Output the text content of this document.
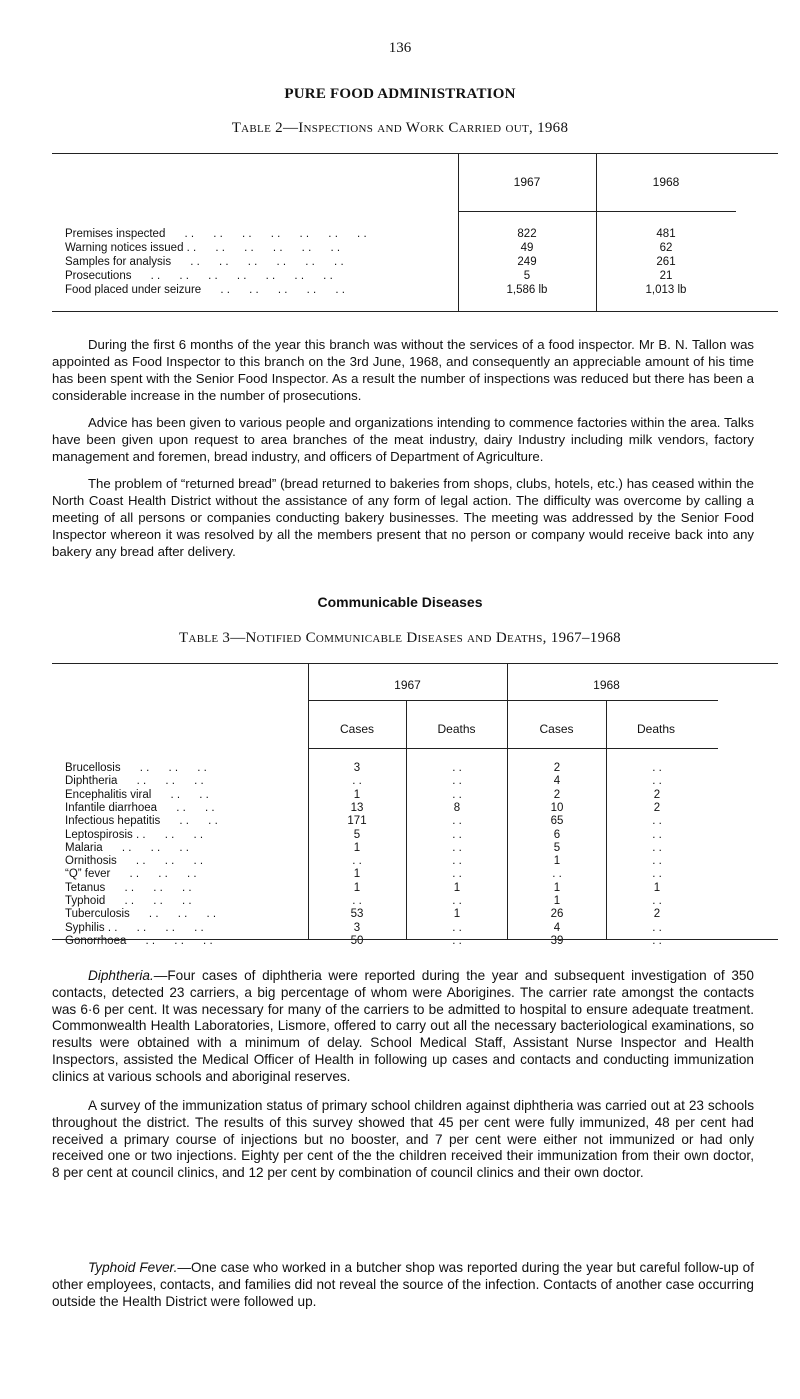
136
PURE FOOD ADMINISTRATION
Table 2—Inspections and Work Carried out, 1968
1967	1968
Premises inspected      . .      . .      . .      . .      . .      . .      . .	822	481
Warning notices issued . .      . .      . .      . .      . .      . .	49	62
Samples for analysis      . .      . .      . .      . .      . .      . .	249	261
Prosecutions      . .      . .      . .      . .      . .      . .      . .	5	21
Food placed under seizure      . .      . .      . .      . .      . .	1,586 lb	1,013 lb

During the first 6 months of the year this branch was without the services of a food inspector. Mr B. N. Tallon was appointed as Food Inspector to this branch on the 3rd June, 1968, and consequently an appreciable amount of his time has been spent with the Senior Food Inspector. As a result the number of inspections was reduced but there has been a considerable increase in the number of prosecutions.

Advice has been given to various people and organizations intending to commence factories within the area. Talks have been given upon request to area branches of the meat industry, dairy Industry including milk vendors, factory management and foremen, bread industry, and officers of Department of Agriculture.

The problem of “returned bread” (bread returned to bakeries from shops, clubs, hotels, etc.) has ceased within the North Coast Health District without the assistance of any form of legal action. The difficulty was overcome by calling a meeting of all persons or companies conducting bakery businesses. The meeting was addressed by the Senior Food Inspector whereon it was resolved by all the members present that no person or company would receive back into any bakery any bread after delivery.

Communicable Diseases
Table 3—Notified Communicable Diseases and Deaths, 1967–1968
1967	1968
Cases	Deaths	Cases	Deaths
Brucellosis      . .      . .      . .	3	. .	2	. .
Diphtheria      . .      . .      . .	. .	. .	4	. .
Encephalitis viral      . .      . .	1	. .	2	2
Infantile diarrhoea      . .      . .	13	8	10	2
Infectious hepatitis      . .      . .	171	. .	65	. .
Leptospirosis . .      . .      . .	5	. .	6	. .
Malaria      . .      . .      . .	1	. .	5	. .
Ornithosis      . .      . .      . .	. .	. .	1	. .
“Q” fever      . .      . .      . .	1	. .	. .	. .
Tetanus      . .      . .      . .	1	1	1	1
Typhoid      . .      . .      . .	. .	. .	1	. .
Tuberculosis      . .      . .      . .	53	1	26	2
Syphilis . .      . .      . .      . .	3	. .	4	. .
Gonorrhoea      . .      . .      . .	50	. .	39	. .

Diphtheria.—Four cases of diphtheria were reported during the year and subsequent investigation of 350 contacts, detected 23 carriers, a big percentage of whom were Aborigines. The carrier rate amongst the contacts was 6·6 per cent. It was necessary for many of the carriers to be admitted to hospital to ensure adequate treatment. Commonwealth Health Laboratories, Lismore, offered to carry out all the necessary bacteriological examinations, so results were obtained with a minimum of delay. School Medical Staff, Assistant Nurse Inspector and Health Inspectors, assisted the Medical Officer of Health in following up cases and contacts and conducting immunization clinics at various schools and aboriginal reserves.

A survey of the immunization status of primary school children against diphtheria was carried out at 23 schools throughout the district. The results of this survey showed that 45 per cent were fully immunized, 48 per cent had received a primary course of injections but no booster, and 7 per cent were either not immunized or had only received one or two injections. Eighty per cent of the the children received their immunization from their own doctor, 8 per cent at council clinics, and 12 per cent by combination of council clinics and their own doctor.

Typhoid Fever.—One case who worked in a butcher shop was reported during the year but careful follow-up of other employees, contacts, and families did not reveal the source of the infection. Contacts of another case occurring outside the Health District were followed up.
